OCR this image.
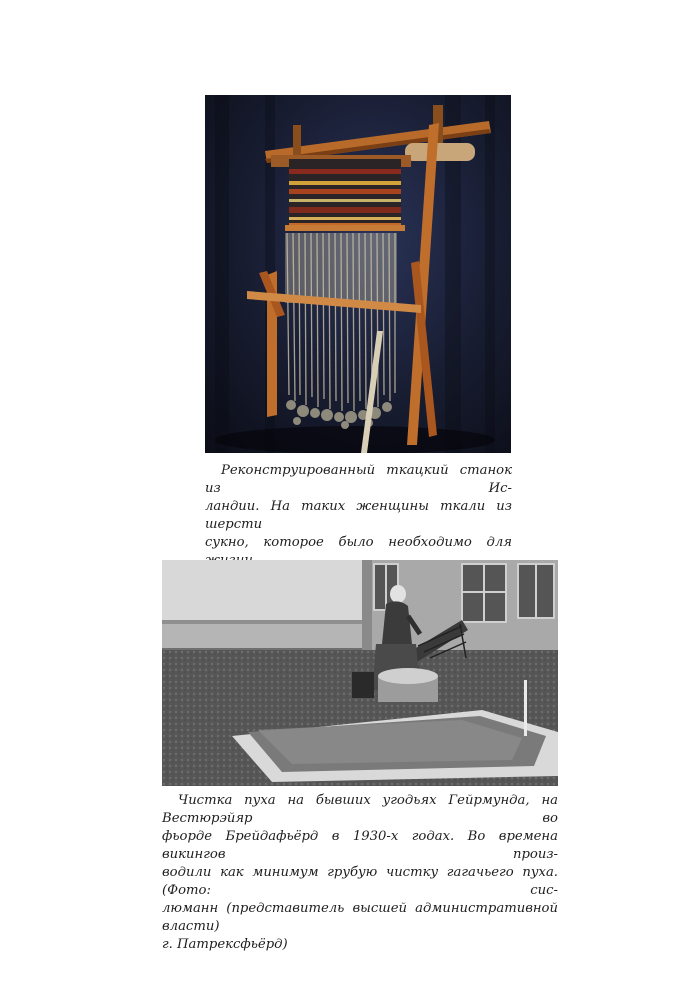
Реконструированный ткацкий станок из Ис-
ландии. На таких женщины ткали из шерсти
сукно, которое было необходимо для
Чистка пуха на бывших угодьях Гейрмунда, на Вестюрэйяр во
фьорде Брейдафьёрд в 1930-х годах. Во времена викингов произ-
водили как минимум грубую чистку гагачьего пуха. (Фото: сис-
люманн (представитель высшей административной власти)
г. Патрексфьёрд)
